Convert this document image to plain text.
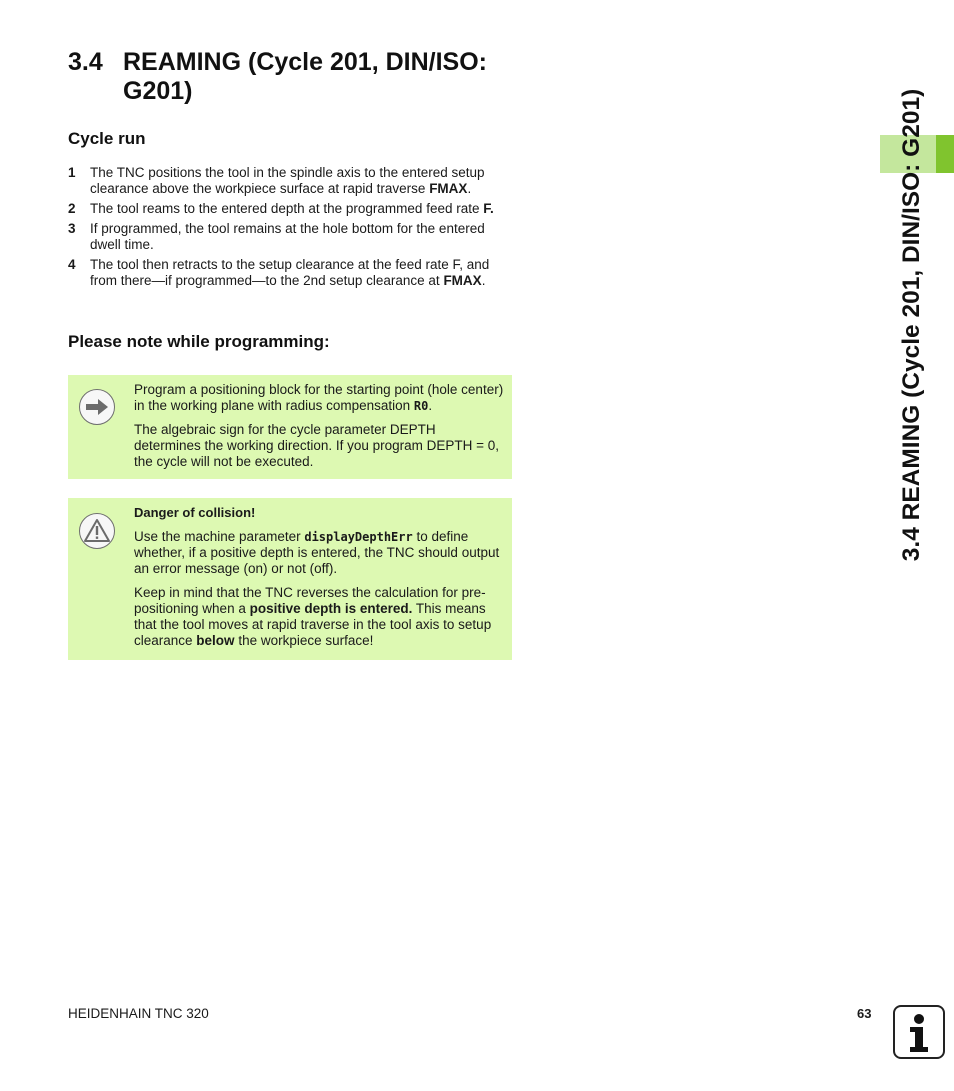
3.4 REAMING (Cycle 201, DIN/ISO: G201)
Cycle run
1 The TNC positions the tool in the spindle axis to the entered setup clearance above the workpiece surface at rapid traverse FMAX.
2 The tool reams to the entered depth at the programmed feed rate F.
3 If programmed, the tool remains at the hole bottom for the entered dwell time.
4 The tool then retracts to the setup clearance at the feed rate F, and from there—if programmed—to the 2nd setup clearance at FMAX.
Please note while programming:

Program a positioning block for the starting point (hole center) in the working plane with radius compensation R0.

The algebraic sign for the cycle parameter DEPTH determines the working direction. If you program DEPTH = 0, the cycle will not be executed.

Danger of collision!

Use the machine parameter displayDepthErr to define whether, if a positive depth is entered, the TNC should output an error message (on) or not (off).

Keep in mind that the TNC reverses the calculation for pre-positioning when a positive depth is entered. This means that the tool moves at rapid traverse in the tool axis to setup clearance below the workpiece surface!

3.4 REAMING (Cycle 201, DIN/ISO: G201)
HEIDENHAIN TNC 320	63
